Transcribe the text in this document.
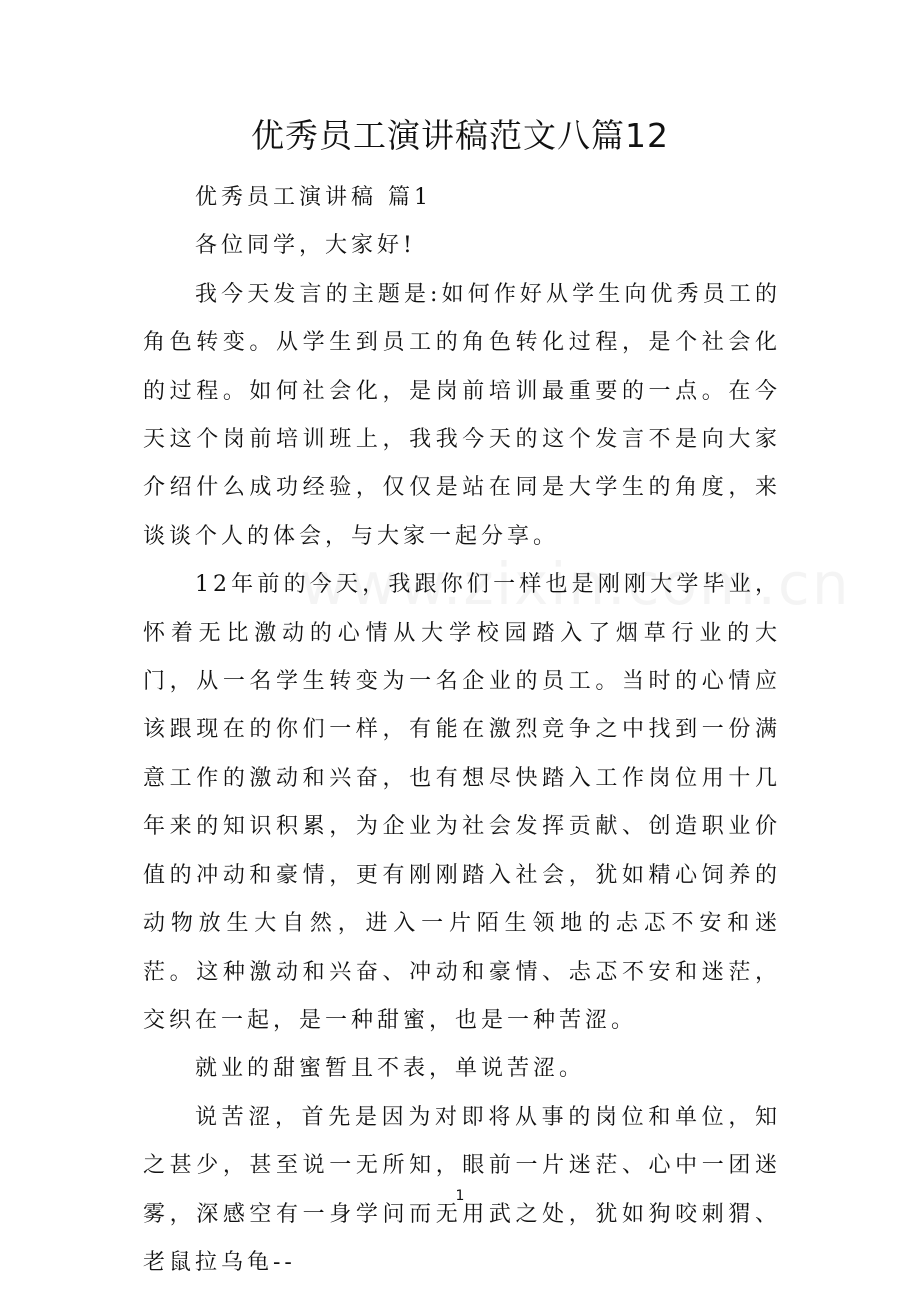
优秀员工演讲稿范文八篇12

优秀员工演讲稿 篇1

各位同学，大家好!

我今天发言的主题是:如何作好从学生向优秀员工的角色转变。从学生到员工的角色转化过程，是个社会化的过程。如何社会化，是岗前培训最重要的一点。在今天这个岗前培训班上，我我今天的这个发言不是向大家介绍什么成功经验，仅仅是站在同是大学生的角度，来谈谈个人的体会，与大家一起分享。

12年前的今天，我跟你们一样也是刚刚大学毕业，怀着无比激动的心情从大学校园踏入了烟草行业的大门，从一名学生转变为一名企业的员工。当时的心情应该跟现在的你们一样，有能在激烈竞争之中找到一份满意工作的激动和兴奋，也有想尽快踏入工作岗位用十几年来的知识积累，为企业为社会发挥贡献、创造职业价值的冲动和豪情，更有刚刚踏入社会，犹如精心饲养的动物放生大自然，进入一片陌生领地的忐忑不安和迷茫。这种激动和兴奋、冲动和豪情、忐忑不安和迷茫，交织在一起，是一种甜蜜，也是一种苦涩。

就业的甜蜜暂且不表，单说苦涩。

说苦涩，首先是因为对即将从事的岗位和单位，知之甚少，甚至说一无所知，眼前一片迷茫、心中一团迷雾，深感空有一身学问而无用武之处，犹如狗咬刺猬、老鼠拉乌龟--

1
